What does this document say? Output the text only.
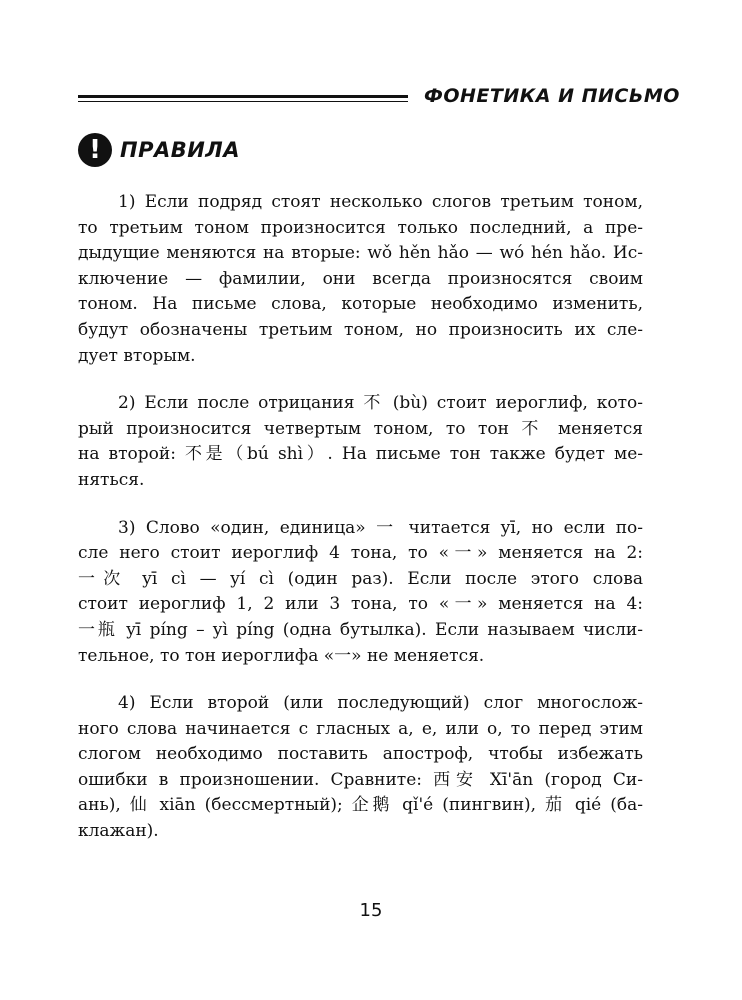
ФОНЕТИКА И ПИСЬМО
! ПРАВИЛА

1) Если подряд стоят несколько слогов третьим тоном,

то третьим тоном произносится только последний, а пре-

дыдущие меняются на вторые: wǒ hěn hǎo — wó hén hǎo. Ис-

ключение — фамилии, они всегда произносятся своим

тоном. На письме слова, которые необходимо изменить,

будут обозначены третьим тоном, но произносить их сле-

дует вторым.

2) Если после отрицания 不 (bù) стоит иероглиф, кото-

рый произносится четвертым тоном, то тон 不 меняется

на второй: 不是（bú shì）. На письме тон также будет ме-

няться.

3) Слово «один, единица» 一 читается yī, но если по-

сле него стоит иероглиф 4 тона, то «一» меняется на 2:

一次 yī cì — yí cì (один раз). Если после этого слова

стоит иероглиф 1, 2 или 3 тона, то «一» меняется на 4:

一瓶 yī píng – yì píng (одна бутылка). Если называем числи-

тельное, то тон иероглифа «一» не меняется.

4) Если второй (или последующий) слог многослож-

ного слова начинается с гласных a, e, или o, то перед этим

слогом необходимо поставить апостроф, чтобы избежать

ошибки в произношении. Сравните: 西安 Xī'ān (город Си-

ань), 仙 xiān (бессмертный); 企鹅 qǐ'é (пингвин), 茄 qié (ба-

клажан).

15
